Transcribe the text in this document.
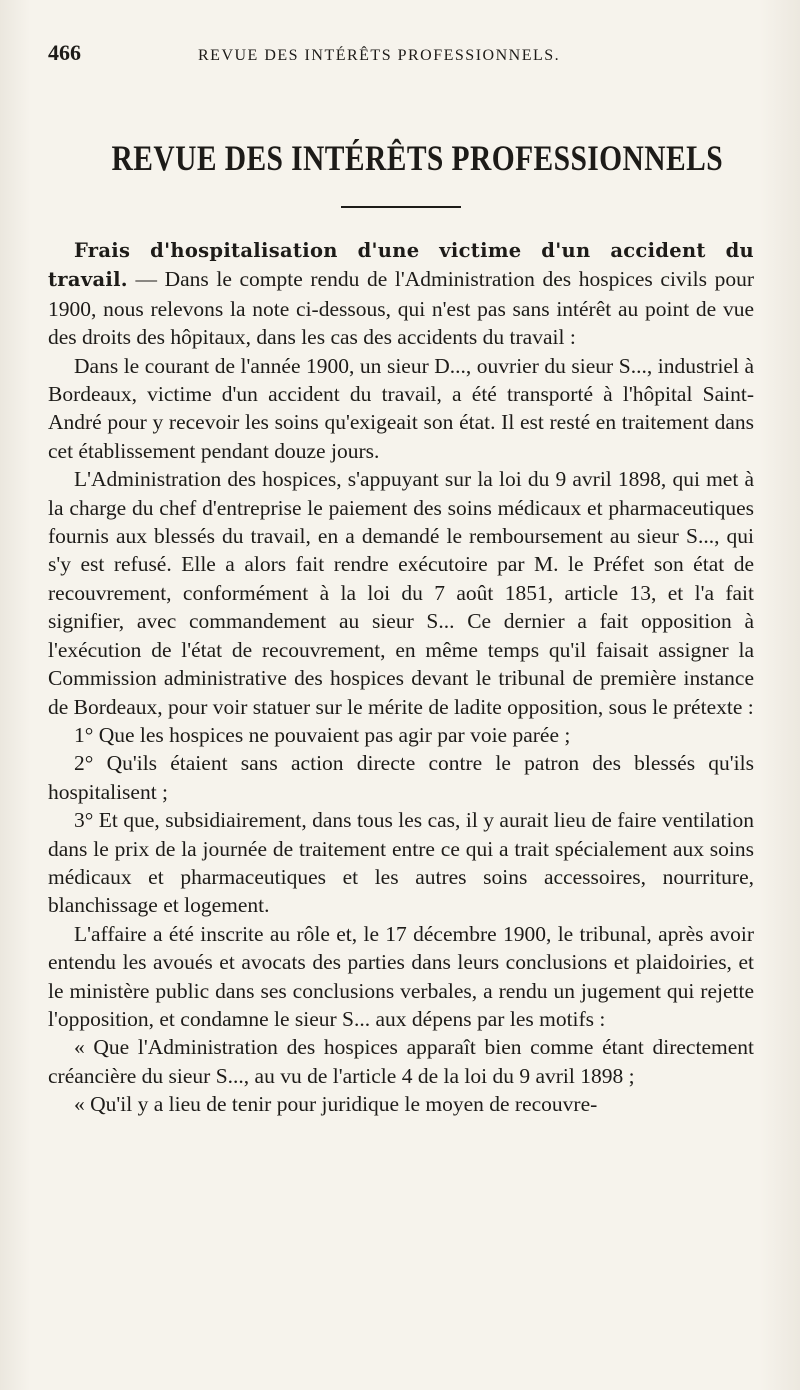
466	REVUE DES INTÉRÊTS PROFESSIONNELS.
REVUE DES INTÉRÊTS PROFESSIONNELS

Frais d'hospitalisation d'une victime d'un accident du travail. — Dans le compte rendu de l'Administration des hospices civils pour 1900, nous relevons la note ci-dessous, qui n'est pas sans intérêt au point de vue des droits des hôpitaux, dans les cas des accidents du travail :

Dans le courant de l'année 1900, un sieur D..., ouvrier du sieur S..., industriel à Bordeaux, victime d'un accident du travail, a été transporté à l'hôpital Saint-André pour y recevoir les soins qu'exigeait son état. Il est resté en traitement dans cet établissement pendant douze jours.

L'Administration des hospices, s'appuyant sur la loi du 9 avril 1898, qui met à la charge du chef d'entreprise le paiement des soins médicaux et pharmaceutiques fournis aux blessés du travail, en a demandé le remboursement au sieur S..., qui s'y est refusé. Elle a alors fait rendre exécutoire par M. le Préfet son état de recouvrement, conformément à la loi du 7 août 1851, article 13, et l'a fait signifier, avec commandement au sieur S... Ce dernier a fait opposition à l'exécution de l'état de recouvrement, en même temps qu'il faisait assigner la Commission administrative des hospices devant le tribunal de première instance de Bordeaux, pour voir statuer sur le mérite de ladite opposition, sous le prétexte :

1° Que les hospices ne pouvaient pas agir par voie parée ;

2° Qu'ils étaient sans action directe contre le patron des blessés qu'ils hospitalisent ;

3° Et que, subsidiairement, dans tous les cas, il y aurait lieu de faire ventilation dans le prix de la journée de traitement entre ce qui a trait spécialement aux soins médicaux et pharmaceutiques et les autres soins accessoires, nourriture, blanchissage et logement.

L'affaire a été inscrite au rôle et, le 17 décembre 1900, le tribunal, après avoir entendu les avoués et avocats des parties dans leurs conclusions et plaidoiries, et le ministère public dans ses conclusions verbales, a rendu un jugement qui rejette l'opposition, et condamne le sieur S... aux dépens par les motifs :

« Que l'Administration des hospices apparaît bien comme étant directement créancière du sieur S..., au vu de l'article 4 de la loi du 9 avril 1898 ;

« Qu'il y a lieu de tenir pour juridique le moyen de recouvre-
